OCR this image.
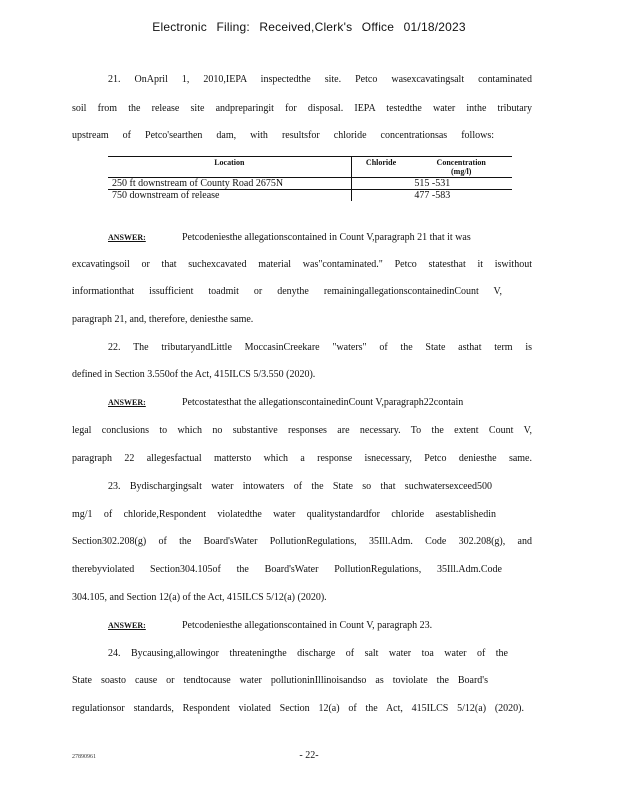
Electronic Filing: Received,Clerk's Office 01/18/2023
21. OnApril 1, 2010,IEPA inspectedthe site. Petco wasexcavatingsalt contaminated
soil from the release site andpreparingit for disposal. IEPA testedthe water inthe tributary
upstream of Petco'searthen dam, with resultsfor chloride concentrationsas follows:
Location	Chloride	Concentration
(mg/l)

250 ft downstream of County Road 2675N		515 -531
750 downstream of release		477 -583
ANSWER:	Petcodeniesthe allegationscontained in Count V,paragraph 21 that it was
excavatingsoil or that suchexcavated material was"contaminated." Petco statesthat it iswithout
informationthat issufficient toadmit or denythe remainingallegationscontainedinCount V,
paragraph 21, and, therefore, deniesthe same.
22. The tributaryandLittle MoccasinCreekare "waters" of the State asthat term is
defined in Section 3.550of the Act, 415ILCS 5/3.550 (2020).
ANSWER:	Petcostatesthat the allegationscontainedinCount V,paragraph22contain
legal conclusions to which no substantive responses are necessary. To the extent Count V,
paragraph 22 allegesfactual mattersto which a response isnecessary, Petco deniesthe same.
23. Bydischargingsalt water intowaters of the State so that suchwatersexceed500
mg/1 of chloride,Respondent violatedthe water qualitystandardfor chloride asestablishedin
Section302.208(g) of the Board'sWater PollutionRegulations, 35Ill.Adm. Code 302.208(g), and
therebyviolated Section304.105of the Board'sWater PollutionRegulations, 35Ill.Adm.Code
304.105, and Section 12(a) of the Act, 415ILCS 5/12(a) (2020).
ANSWER:	Petcodeniesthe allegationscontained in Count V, paragraph 23.
24. Bycausing,allowingor threateningthe discharge of salt water toa water of the
State soasto cause or tendtocause water pollutioninIllinoisandso as toviolate the Board's
regulationsor standards, Respondent violated Section 12(a) of the Act, 415ILCS 5/12(a) (2020).
27890961	- 22-
